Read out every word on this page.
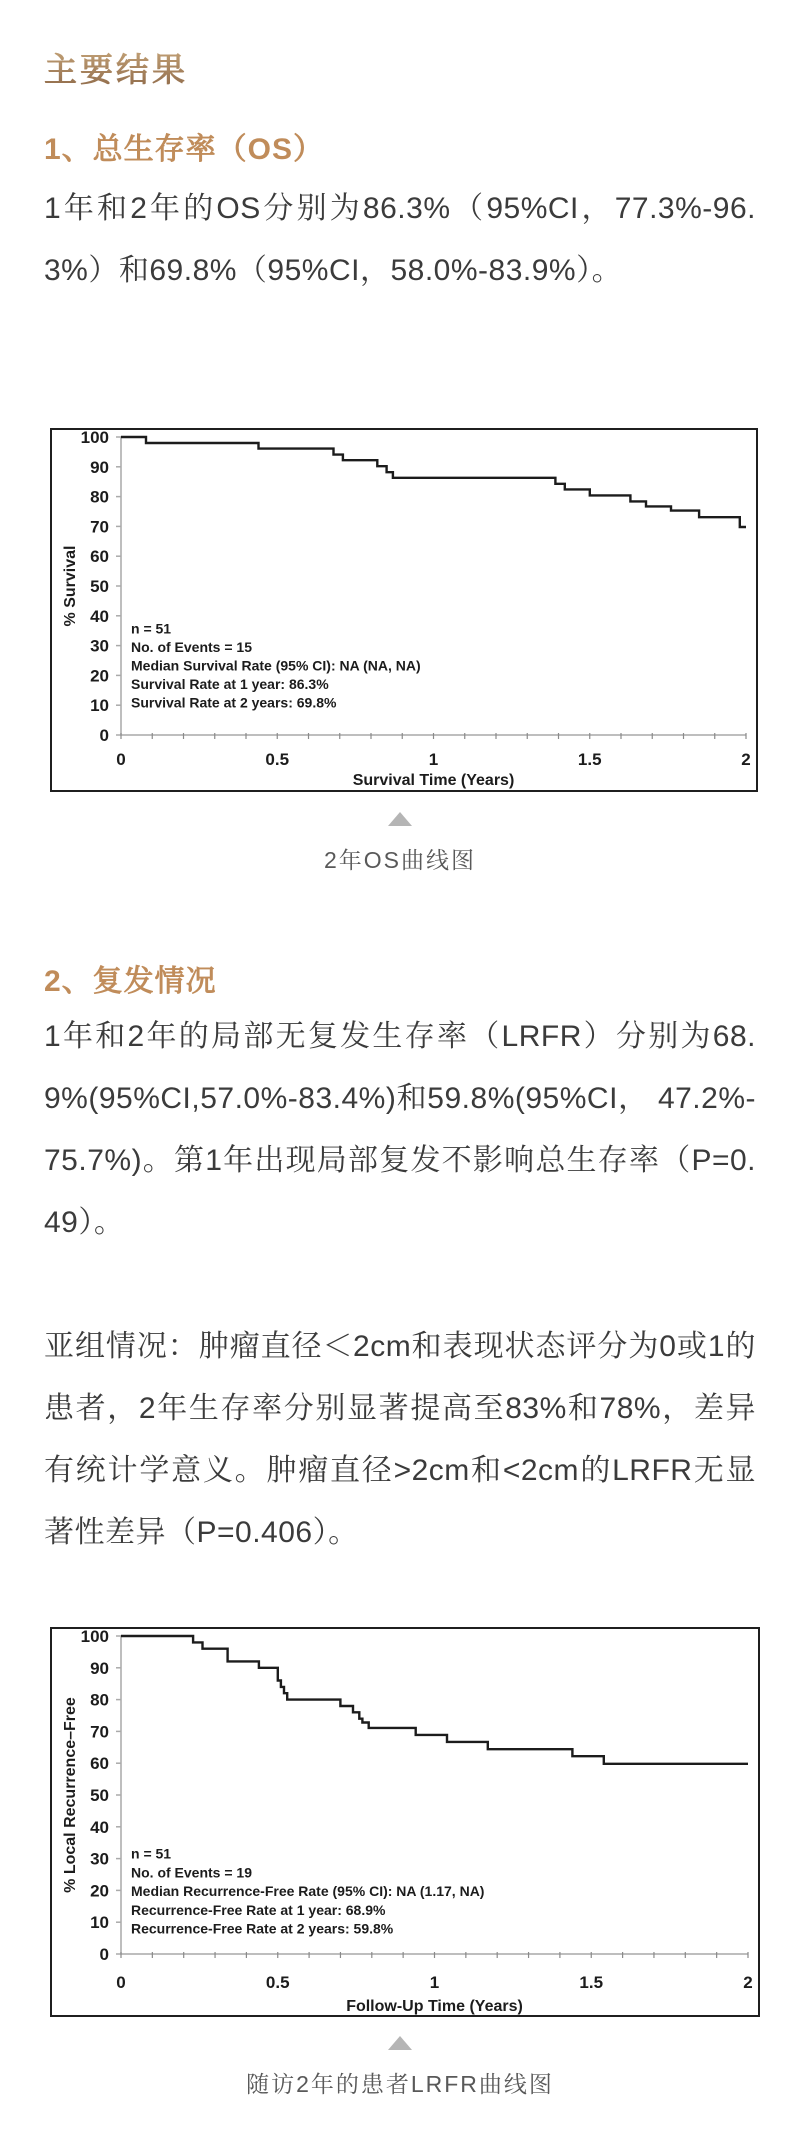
主要结果
1、总生存率（OS）

1年和2年的OS分别为86.3%（95%CI，77.3%-96.3%）和69.8%（95%CI，58.0%-83.9%）。

0
10
20
30
40
50
60
70
80
90
100
0	0.5	1	1.5	2
Survival Time (Years)
% Survival
n = 51
No. of Events = 15
Median Survival Rate (95% CI): NA (NA, NA)
Survival Rate at 1 year: 86.3%
Survival Rate at 2 years: 69.8%
2年OS曲线图
2、复发情况

1年和2年的局部无复发生存率（LRFR）分别为68.9%(95%CI,57.0%-83.4%)和59.8%(95%CI， 47.2%-75.7%)。第1年出现局部复发不影响总生存率（P=0.49）。

亚组情况：肿瘤直径＜2cm和表现状态评分为0或1的患者，2年生存率分别显著提高至83%和78%，差异有统计学意义。肿瘤直径>2cm和<2cm的LRFR无显著性差异（P=0.406）。

0
10
20
30
40
50
60
70
80
90
100
0	0.5	1	1.5	2
Follow-Up Time (Years)
% Local Recurrence–Free	n = 51
No. of Events = 19
Median Recurrence-Free Rate (95% CI): NA (1.17, NA)
Recurrence-Free Rate at 1 year: 68.9%
Recurrence-Free Rate at 2 years: 59.8%
随访2年的患者LRFR曲线图
